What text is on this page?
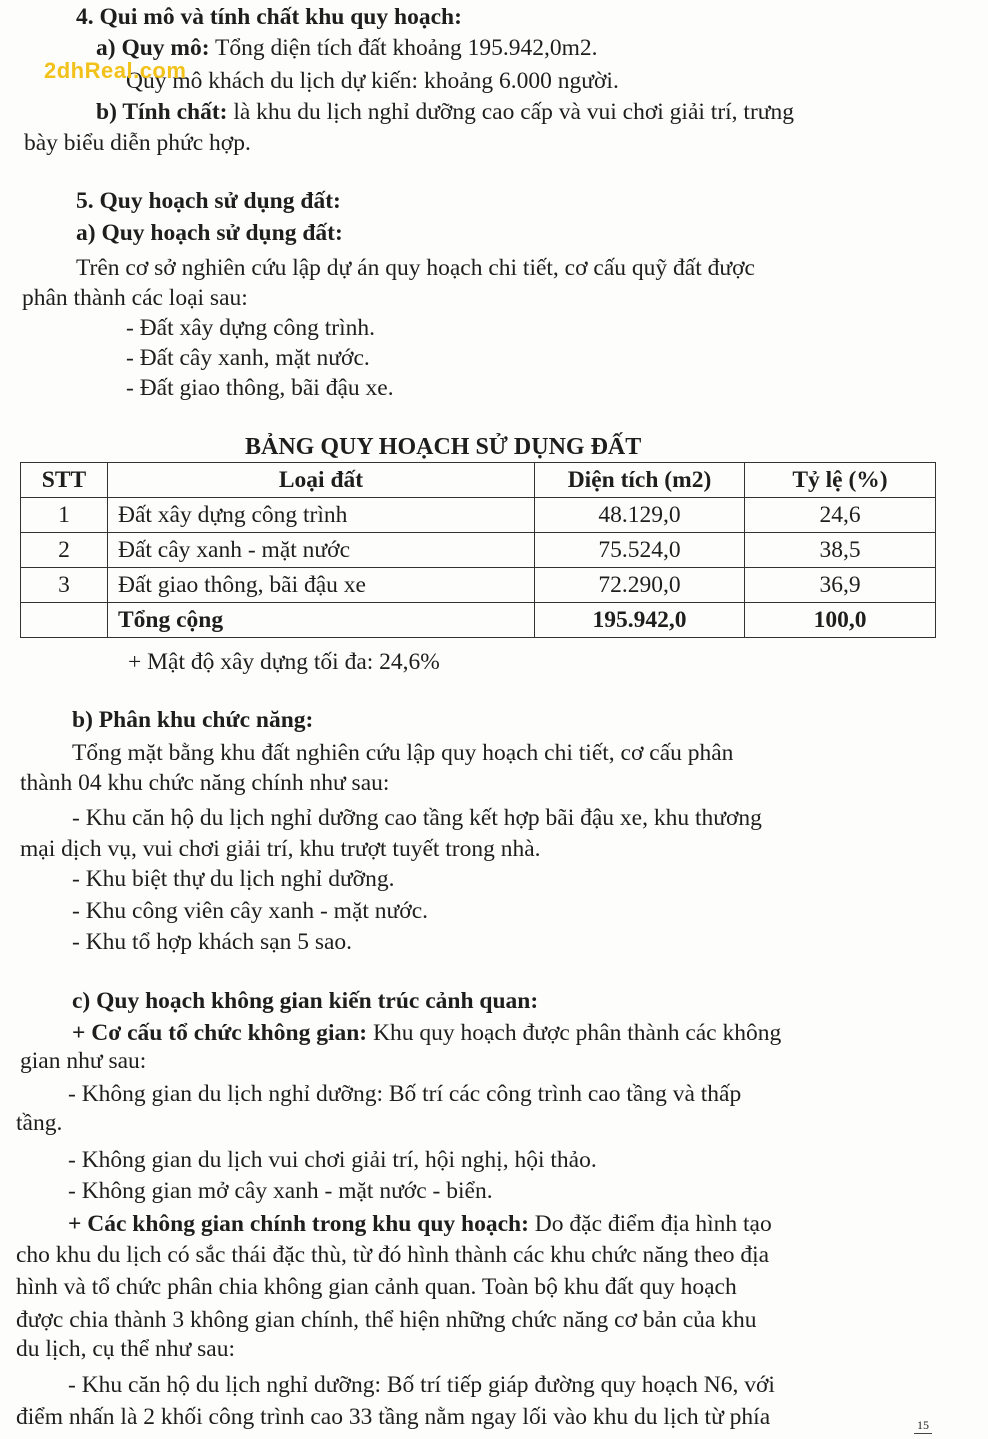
4. Qui mô và tính chất khu quy hoạch:
a) Quy mô: Tổng diện tích đất khoảng 195.942,0m2.
Quy mô khách du lịch dự kiến: khoảng 6.000 người.
2dhReal.com
b) Tính chất: là khu du lịch nghỉ dưỡng cao cấp và vui chơi giải trí, trưng
bày biểu diễn phức hợp.
5. Quy hoạch sử dụng đất:
a) Quy hoạch sử dụng đất:
Trên cơ sở nghiên cứu lập dự án quy hoạch chi tiết, cơ cấu quỹ đất được
phân thành các loại sau:
- Đất xây dựng công trình.
- Đất cây xanh, mặt nước.
- Đất giao thông, bãi đậu xe.
BẢNG QUY HOẠCH SỬ DỤNG ĐẤT
STT	Loại đất	Diện tích (m2)	Tỷ lệ (%)
1	Đất xây dựng công trình	48.129,0	24,6
2	Đất cây xanh - mặt nước	75.524,0	38,5
3	Đất giao thông, bãi đậu xe	72.290,0	36,9
	Tổng cộng	195.942,0	100,0
+ Mật độ xây dựng tối đa: 24,6%
b) Phân khu chức năng:
Tổng mặt bằng khu đất nghiên cứu lập quy hoạch chi tiết, cơ cấu phân
thành 04 khu chức năng chính như sau:
- Khu căn hộ du lịch nghỉ dưỡng cao tầng kết hợp bãi đậu xe, khu thương
mại dịch vụ, vui chơi giải trí, khu trượt tuyết trong nhà.
- Khu biệt thự du lịch nghỉ dưỡng.
- Khu công viên cây xanh - mặt nước.
- Khu tổ hợp khách sạn 5 sao.
c) Quy hoạch không gian kiến trúc cảnh quan:
+ Cơ cấu tổ chức không gian: Khu quy hoạch được phân thành các không
gian như sau:
- Không gian du lịch nghỉ dưỡng: Bố trí các công trình cao tầng và thấp
tầng.
- Không gian du lịch vui chơi giải trí, hội nghị, hội thảo.
- Không gian mở cây xanh - mặt nước - biển.
+ Các không gian chính trong khu quy hoạch: Do đặc điểm địa hình tạo
cho khu du lịch có sắc thái đặc thù, từ đó hình thành các khu chức năng theo địa
hình và tổ chức phân chia không gian cảnh quan. Toàn bộ khu đất quy hoạch
được chia thành 3 không gian chính, thể hiện những chức năng cơ bản của khu
du lịch, cụ thể như sau:
- Khu căn hộ du lịch nghỉ dưỡng: Bố trí tiếp giáp đường quy hoạch N6, với
điểm nhấn là 2 khối công trình cao 33 tầng nằm ngay lối vào khu du lịch từ phía	15
